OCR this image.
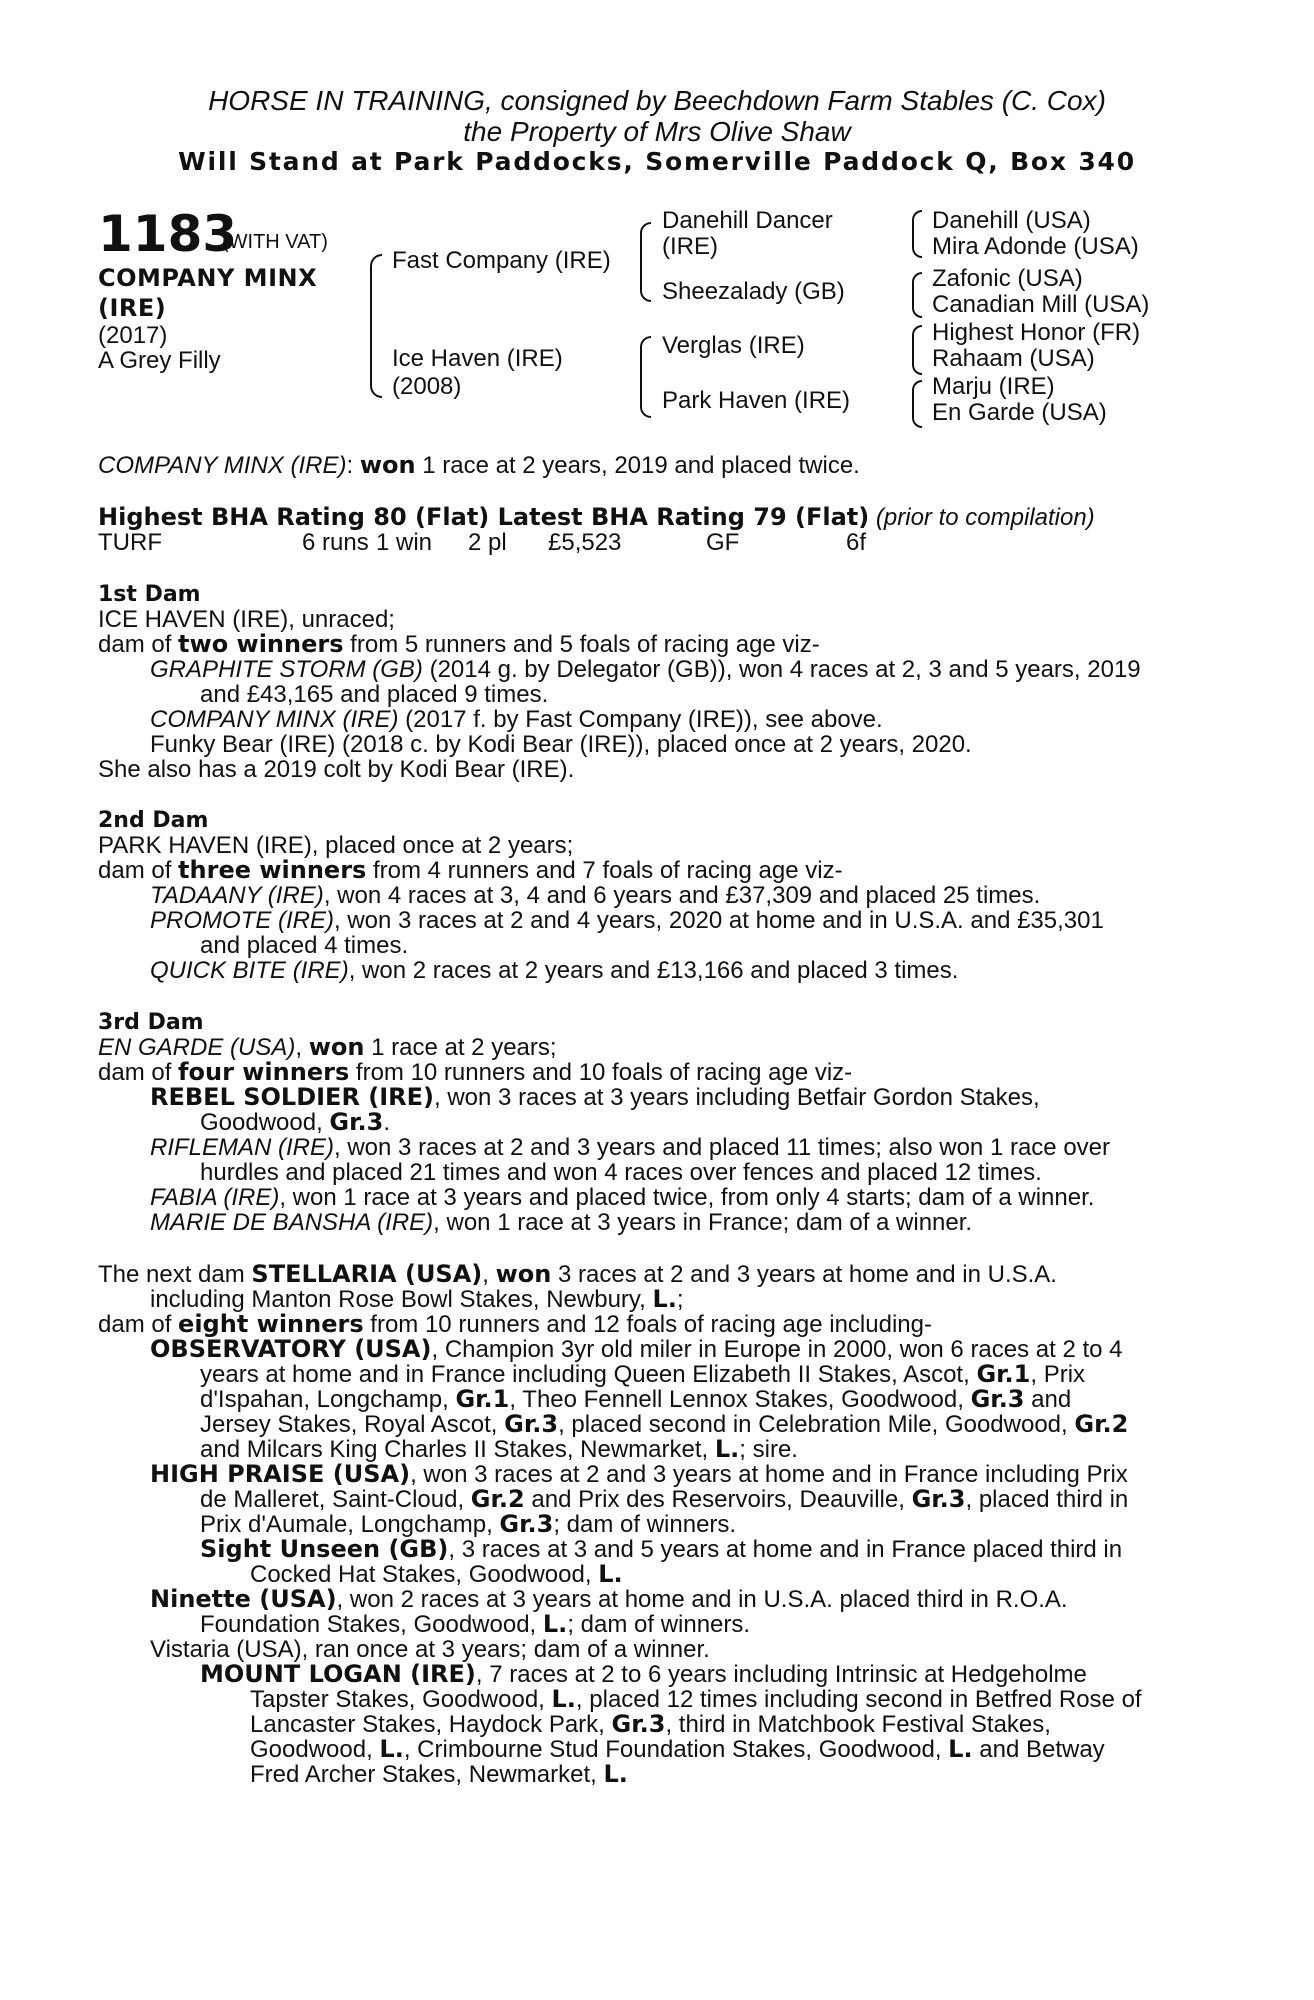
HORSE IN TRAINING, consigned by Beechdown Farm Stables (C. Cox)
the Property of Mrs Olive Shaw
Will Stand at Park Paddocks, Somerville Paddock Q, Box 340
1183
(WITH VAT)
COMPANY MINX
(IRE)
(2017)
A Grey Filly
Fast Company (IRE)
Ice Haven (IRE)
(2008)
Danehill Dancer
(IRE)
Sheezalady (GB)
Verglas (IRE)
Park Haven (IRE)
Danehill (USA)
Mira Adonde (USA)
Zafonic (USA)
Canadian Mill (USA)
Highest Honor (FR)
Rahaam (USA)
Marju (IRE)
En Garde (USA)
COMPANY MINX (IRE): won 1 race at 2 years, 2019 and placed twice.
Highest BHA Rating 80 (Flat) Latest BHA Rating 79 (Flat) (prior to compilation)
TURF	6 runs 1 win 2 pl £5,523	GF	6f
1st Dam
ICE HAVEN (IRE), unraced;
dam of two winners from 5 runners and 5 foals of racing age viz-
GRAPHITE STORM (GB) (2014 g. by Delegator (GB)), won 4 races at 2, 3 and 5 years, 2019
and £43,165 and placed 9 times.
COMPANY MINX (IRE) (2017 f. by Fast Company (IRE)), see above.
Funky Bear (IRE) (2018 c. by Kodi Bear (IRE)), placed once at 2 years, 2020.
She also has a 2019 colt by Kodi Bear (IRE).
2nd Dam
PARK HAVEN (IRE), placed once at 2 years;
dam of three winners from 4 runners and 7 foals of racing age viz-
TADAANY (IRE), won 4 races at 3, 4 and 6 years and £37,309 and placed 25 times.
PROMOTE (IRE), won 3 races at 2 and 4 years, 2020 at home and in U.S.A. and £35,301
and placed 4 times.
QUICK BITE (IRE), won 2 races at 2 years and £13,166 and placed 3 times.
3rd Dam
EN GARDE (USA), won 1 race at 2 years;
dam of four winners from 10 runners and 10 foals of racing age viz-
REBEL SOLDIER (IRE), won 3 races at 3 years including Betfair Gordon Stakes,
Goodwood, Gr.3.
RIFLEMAN (IRE), won 3 races at 2 and 3 years and placed 11 times; also won 1 race over
hurdles and placed 21 times and won 4 races over fences and placed 12 times.
FABIA (IRE), won 1 race at 3 years and placed twice, from only 4 starts; dam of a winner.
MARIE DE BANSHA (IRE), won 1 race at 3 years in France; dam of a winner.
The next dam STELLARIA (USA), won 3 races at 2 and 3 years at home and in U.S.A.
including Manton Rose Bowl Stakes, Newbury, L.;
dam of eight winners from 10 runners and 12 foals of racing age including-
OBSERVATORY (USA), Champion 3yr old miler in Europe in 2000, won 6 races at 2 to 4
years at home and in France including Queen Elizabeth II Stakes, Ascot, Gr.1, Prix
d'Ispahan, Longchamp, Gr.1, Theo Fennell Lennox Stakes, Goodwood, Gr.3 and
Jersey Stakes, Royal Ascot, Gr.3, placed second in Celebration Mile, Goodwood, Gr.2
and Milcars King Charles II Stakes, Newmarket, L.; sire.
HIGH PRAISE (USA), won 3 races at 2 and 3 years at home and in France including Prix
de Malleret, Saint-Cloud, Gr.2 and Prix des Reservoirs, Deauville, Gr.3, placed third in
Prix d'Aumale, Longchamp, Gr.3; dam of winners.
Sight Unseen (GB), 3 races at 3 and 5 years at home and in France placed third in
Cocked Hat Stakes, Goodwood, L.
Ninette (USA), won 2 races at 3 years at home and in U.S.A. placed third in R.O.A.
Foundation Stakes, Goodwood, L.; dam of winners.
Vistaria (USA), ran once at 3 years; dam of a winner.
MOUNT LOGAN (IRE), 7 races at 2 to 6 years including Intrinsic at Hedgeholme
Tapster Stakes, Goodwood, L., placed 12 times including second in Betfred Rose of
Lancaster Stakes, Haydock Park, Gr.3, third in Matchbook Festival Stakes,
Goodwood, L., Crimbourne Stud Foundation Stakes, Goodwood, L. and Betway
Fred Archer Stakes, Newmarket, L.
